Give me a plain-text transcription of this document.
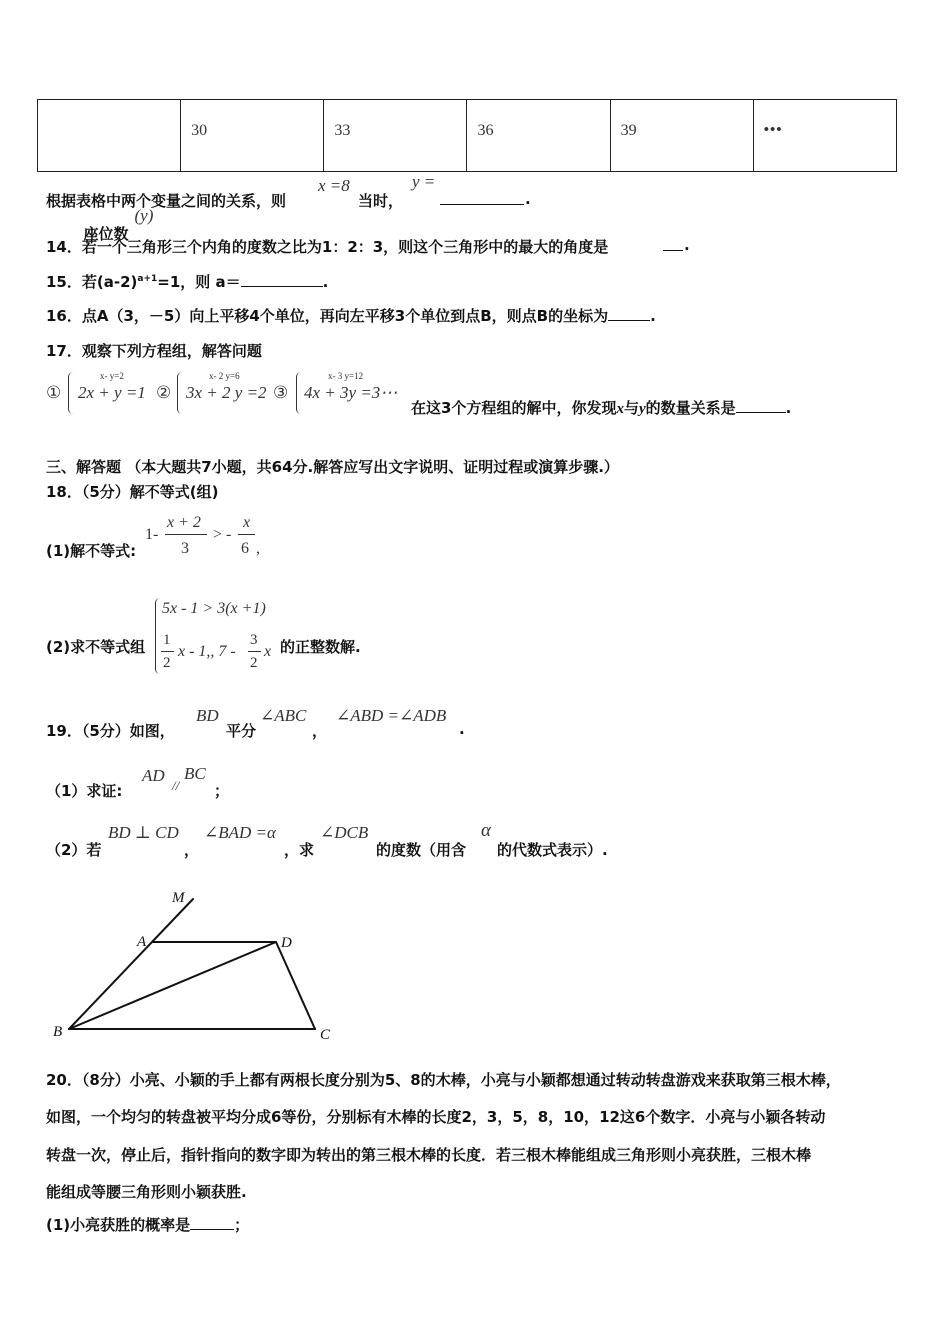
座位数
(y)

30	33	36	39	•••
根据表格中两个变量之间的关系，则
x =8
当时，
y =
.
14．若一个三角形三个内角的度数之比为1：2：3，则这个三角形中的最大的角度是	.
15．若$(a-2)^{a+1}=1$，则 a＝	.
16．点A（3，－5）向上平移4个单位，再向左平移3个单位到点B，则点B的坐标为	.
17．观察下列方程组，解答问题
①
x- y=2
2x + y =1 ②
x- 2 y=6
3x + 2 y =2 ③
x- 3 y=12
4x + 3y =3⋯
在这3个方程组的解中，你发现x与y的数量关系是	.
三、解答题 （本大题共7小题，共64分.解答应写出文字说明、证明过程或演算步骤.）
18．（5分）解不等式(组)
(1)解不等式:
1-
x + 2
3
> -
x
6 ,
(2)求不等式组
5x - 1 > 3(x +1)
1
2
x - 1,, 7 -
3
2
x 的正整数解.
19．（5分）如图，
BD
平分
∠ABC
，
∠ABD =∠ADB
.
（1）求证:
AD
//
BC
；
（2）若
BD ⊥ CD
，
∠BAD =α
，求
∠DCB
的度数（用含
α
的代数式表示）.
M
A	D
B	C
20．（8分）小亮、小颖的手上都有两根长度分别为5、8的木棒，小亮与小颖都想通过转动转盘游戏来获取第三根木棒，
如图，一个均匀的转盘被平均分成6等份，分别标有木棒的长度2，3，5，8，10，12这6个数字．小亮与小颖各转动
转盘一次，停止后，指针指向的数字即为转出的第三根木棒的长度．若三根木棒能组成三角形则小亮获胜，三根木棒
能组成等腰三角形则小颖获胜.
(1)小亮获胜的概率是	；
